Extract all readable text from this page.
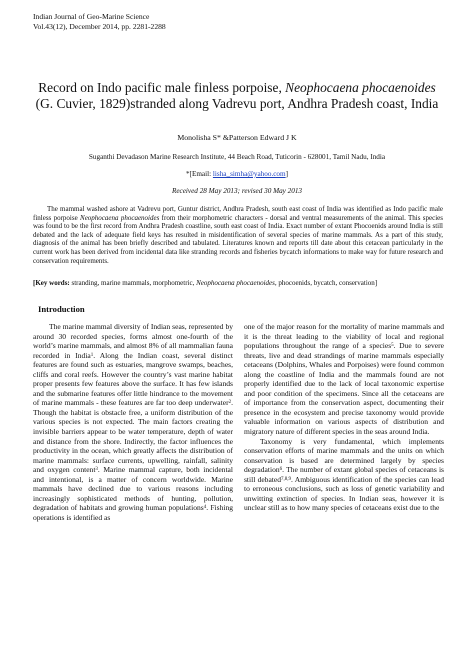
Indian Journal of Geo-Marine Science
Vol.43(12), December 2014, pp. 2281-2288
Record on Indo pacific male finless porpoise, Neophocaena phocaenoides (G. Cuvier, 1829)stranded along Vadrevu port, Andhra Pradesh coast, India
Monolisha S* &Patterson Edward J K
Suganthi Devadason Marine Research Institute, 44 Beach Road, Tuticorin - 628001, Tamil Nadu, India
*[Email: lisha_simha@yahoo.com]
Received 28 May 2013; revised 30 May 2013

The mammal washed ashore at Vadrevu port, Guntur district, Andhra Pradesh, south east coast of India was identified as Indo pacific male finless porpoise Neophocaena phocaenoides from their morphometric characters - dorsal and ventral measurements of the animal. This species was found to be the first record from Andhra Pradesh coastline, south east coast of India. Exact number of extant Phocoenids around India is still debated and the lack of adequate field keys has resulted in misidentification of several species of marine mammals. As a part of this study, diagnosis of the animal has been briefly described and tabulated. Literatures known and reports till date about this cetacean particularly in the current work has been derived from incidental data like stranding records and fisheries bycatch informations to make way for future research and conservation requirements.

[Key words: stranding, marine mammals, morphometric, Neophocaena phocaenoides, phocoenids, bycatch, conservation]

Introduction

The marine mammal diversity of Indian seas, represented by around 30 recorded species, forms almost one-fourth of the world’s marine mammals, and almost 8% of all mammalian fauna recorded in India$^1$. Along the Indian coast, several distinct features are found such as estuaries, mangrove swamps, beaches, cliffs and coral reefs. However the country’s vast marine habitat proper presents few features above the surface. It has few islands and the submarine features offer little hindrance to the movement of marine mammals - these features are far too deep underwater$^2$. Though the habitat is obstacle free, a uniform distribution of the various species is not expected. The main factors creating the invisible barriers appear to be water temperature, depth of water and distance from the shore. Indirectly, the factor influences the productivity in the ocean, which greatly affects the distribution of marine mammals: surface currents, upwelling, rainfall, salinity and oxygen content$^3$. Marine mammal capture, both incidental and intentional, is a matter of concern worldwide. Marine mammals have declined due to various reasons including increasingly sophisticated methods of hunting, pollution, degradation of habitats and growing human populations$^4$. Fishing operations is identified as

one of the major reason for the mortality of marine mammals and it is the threat leading to the viability of local and regional populations throughout the range of a species$^5$. Due to severe threats, live and dead strandings of marine mammals especially cetaceans (Dolphins, Whales and Porpoises) were found common along the coastline of India and the mammals found are not properly identified due to the lack of local taxonomic expertise and poor condition of the specimens. Since all the cetaceans are of importance from the conservation aspect, documenting their presence in the ecosystem and precise taxonomy would provide valuable information on various aspects of distribution and migratory nature of different species in the seas around India.

Taxonomy is very fundamental, which implements conservation efforts of marine mammals and the units on which conservation is based are determined largely by species degradation$^6$. The number of extant global species of cetaceans is still debated$^{7,8,9}$. Ambiguous identification of the species can lead to erroneous conclusions, such as loss of genetic variability and unwitting extinction of species. In Indian seas, however it is unclear still as to how many species of cetaceans exist due to the
